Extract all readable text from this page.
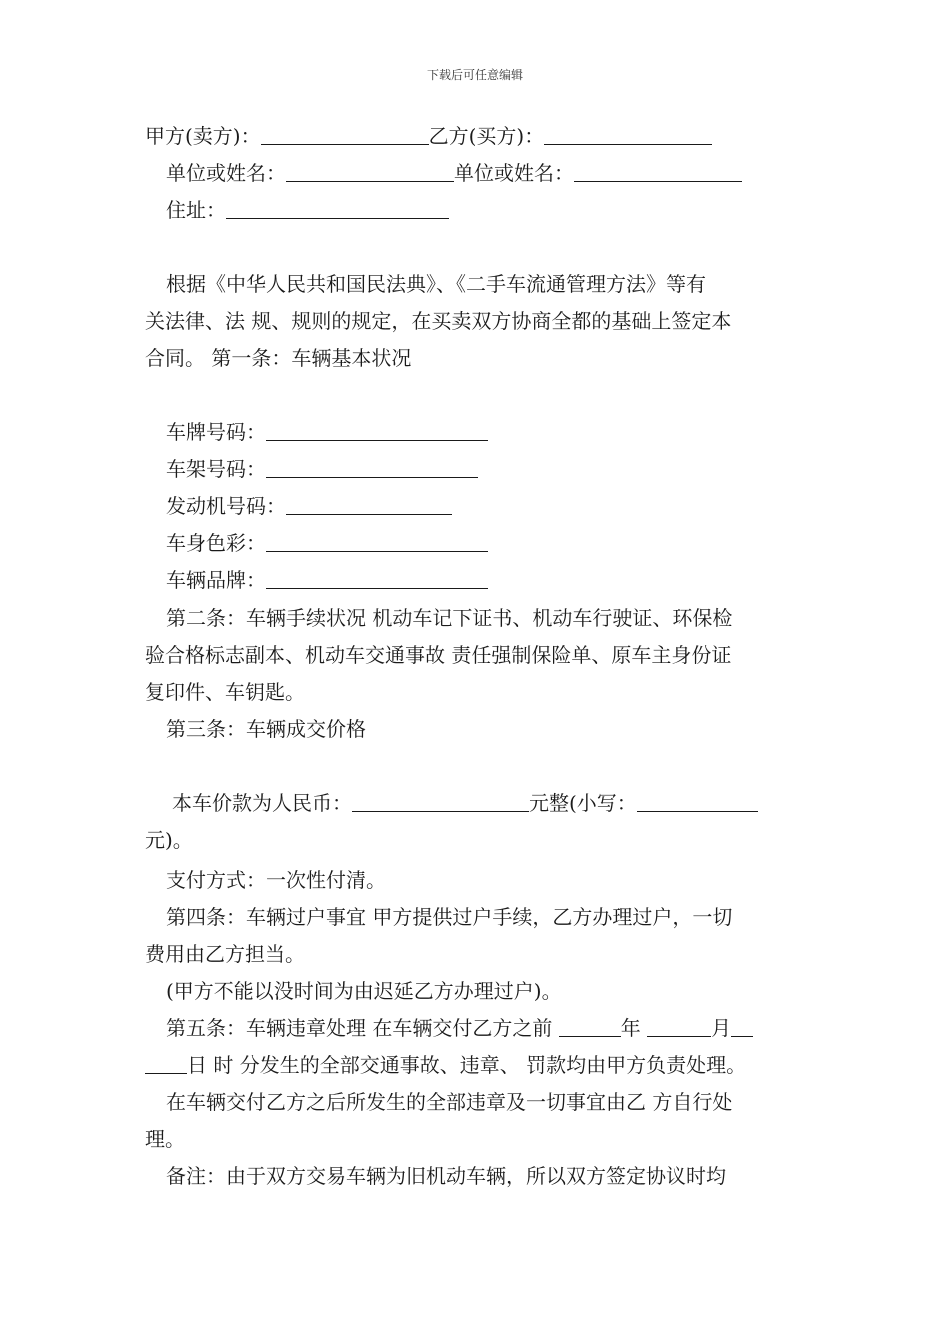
下载后可任意编辑
甲方(卖方)：	乙方(买方)：
单位或姓名：	单位或姓名：
住址：
根据《中华人民共和国民法典》、《二手车流通管理方法》等有
关法律、法 规、规则的规定，在买卖双方协商全都的基础上签定本
合同。 第一条：车辆基本状况
车牌号码：
车架号码：
发动机号码：
车身色彩：
车辆品牌：
第二条：车辆手续状况 机动车记下证书、机动车行驶证、环保检
验合格标志副本、机动车交通事故 责任强制保险单、原车主身份证
复印件、车钥匙。
第三条：车辆成交价格
本车价款为人民币：	元整(小写：
元)。
支付方式：一次性付清。
第四条：车辆过户事宜 甲方提供过户手续，乙方办理过户，一切
费用由乙方担当。
(甲方不能以没时间为由迟延乙方办理过户)。
第五条：车辆违章处理 在车辆交付乙方之前	年	月
日 时 分发生的全部交通事故、违章、 罚款均由甲方负责处理。
在车辆交付乙方之后所发生的全部违章及一切事宜由乙 方自行处
理。
备注：由于双方交易车辆为旧机动车辆，所以双方签定协议时均
